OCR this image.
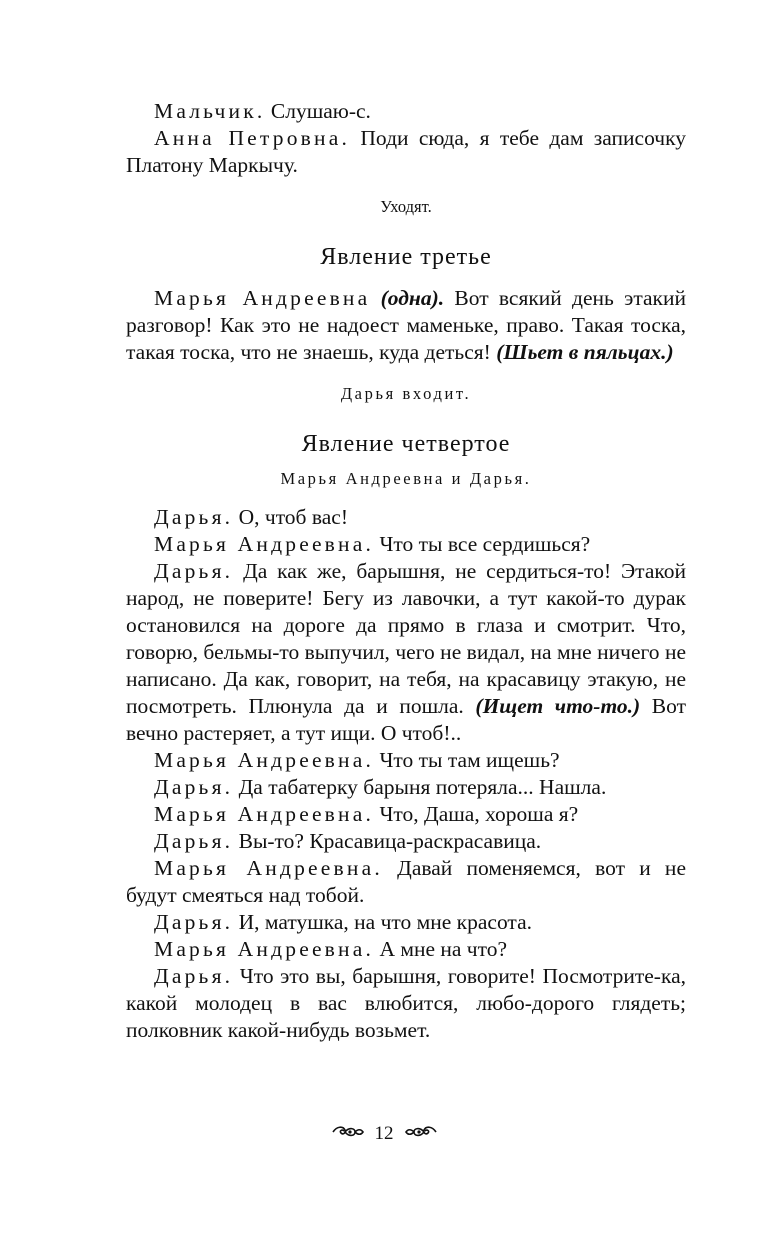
Мальчик. Слушаю-с.

Анна Петровна. Поди сюда, я тебе дам записочку Платону Маркычу.

Уходят.

Явление третье

Марья Андреевна (одна). Вот всякий день этакий разговор! Как это не надоест маменьке, право. Такая тоска, такая тоска, что не знаешь, куда деться! (Шьет в пяльцах.)

Дарья входит.

Явление четвертое

Марья Андреевна и Дарья.

Дарья. О, чтоб вас!

Марья Андреевна. Что ты все сердишься?

Дарья. Да как же, барышня, не сердиться-то! Этакой народ, не поверите! Бегу из лавочки, а тут какой-то дурак остановился на дороге да прямо в глаза и смотрит. Что, говорю, бельмы-то выпучил, чего не видал, на мне ничего не написано. Да как, говорит, на тебя, на красавицу этакую, не посмотреть. Плюнула да и пошла. (Ищет что-то.) Вот вечно растеряет, а тут ищи. О чтоб!..

Марья Андреевна. Что ты там ищешь?

Дарья. Да табатерку барыня потеряла... Нашла.

Марья Андреевна. Что, Даша, хороша я?

Дарья. Вы-то? Красавица-раскрасавица.

Марья Андреевна. Давай поменяемся, вот и не будут смеяться над тобой.

Дарья. И, матушка, на что мне красота.

Марья Андреевна. А мне на что?

Дарья. Что это вы, барышня, говорите! Посмотрите-ка, какой молодец в вас влюбится, любо-дорого глядеть; полковник какой-нибудь возьмет.

12
